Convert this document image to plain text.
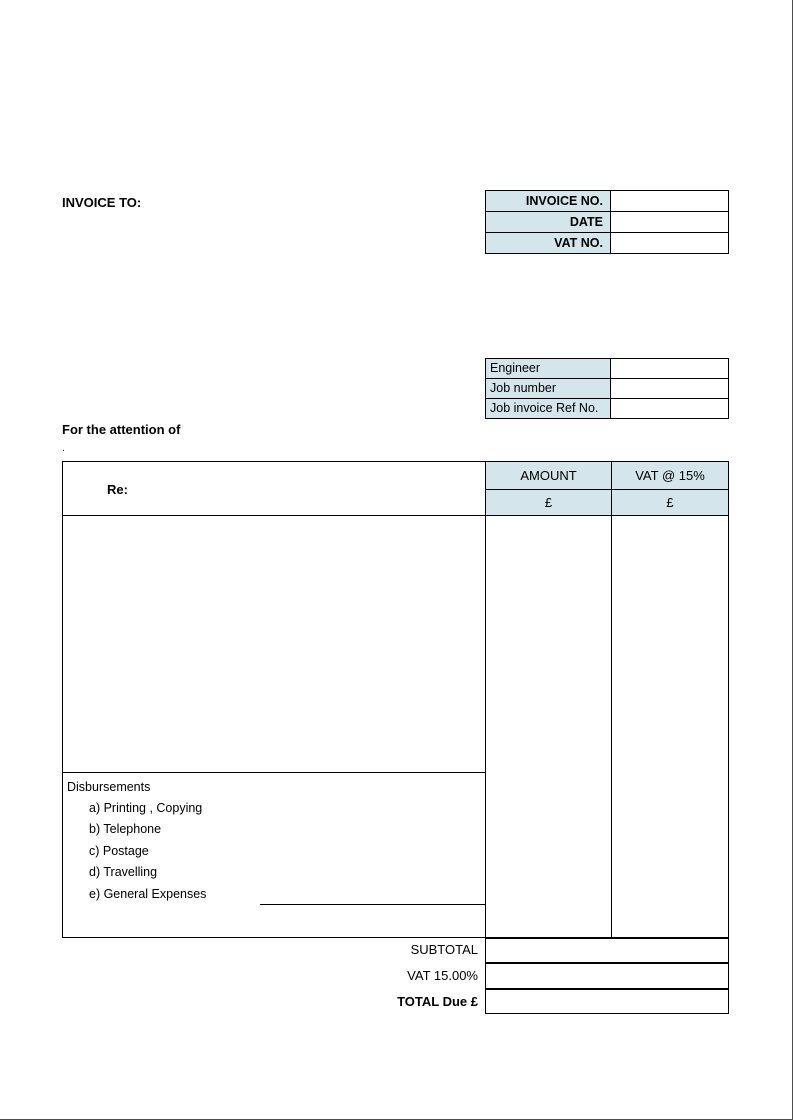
INVOICE TO:	INVOICE NO.
DATE
VAT NO.
Engineer
Job number
Job invoice Ref No.
For the attention of
.
Re:
AMOUNT	VAT @ 15%
£	£
Disbursements
a) Printing , Copying
b) Telephone
c) Postage
d) Travelling
e) General Expenses
SUBTOTAL
VAT 15.00%
TOTAL Due £
